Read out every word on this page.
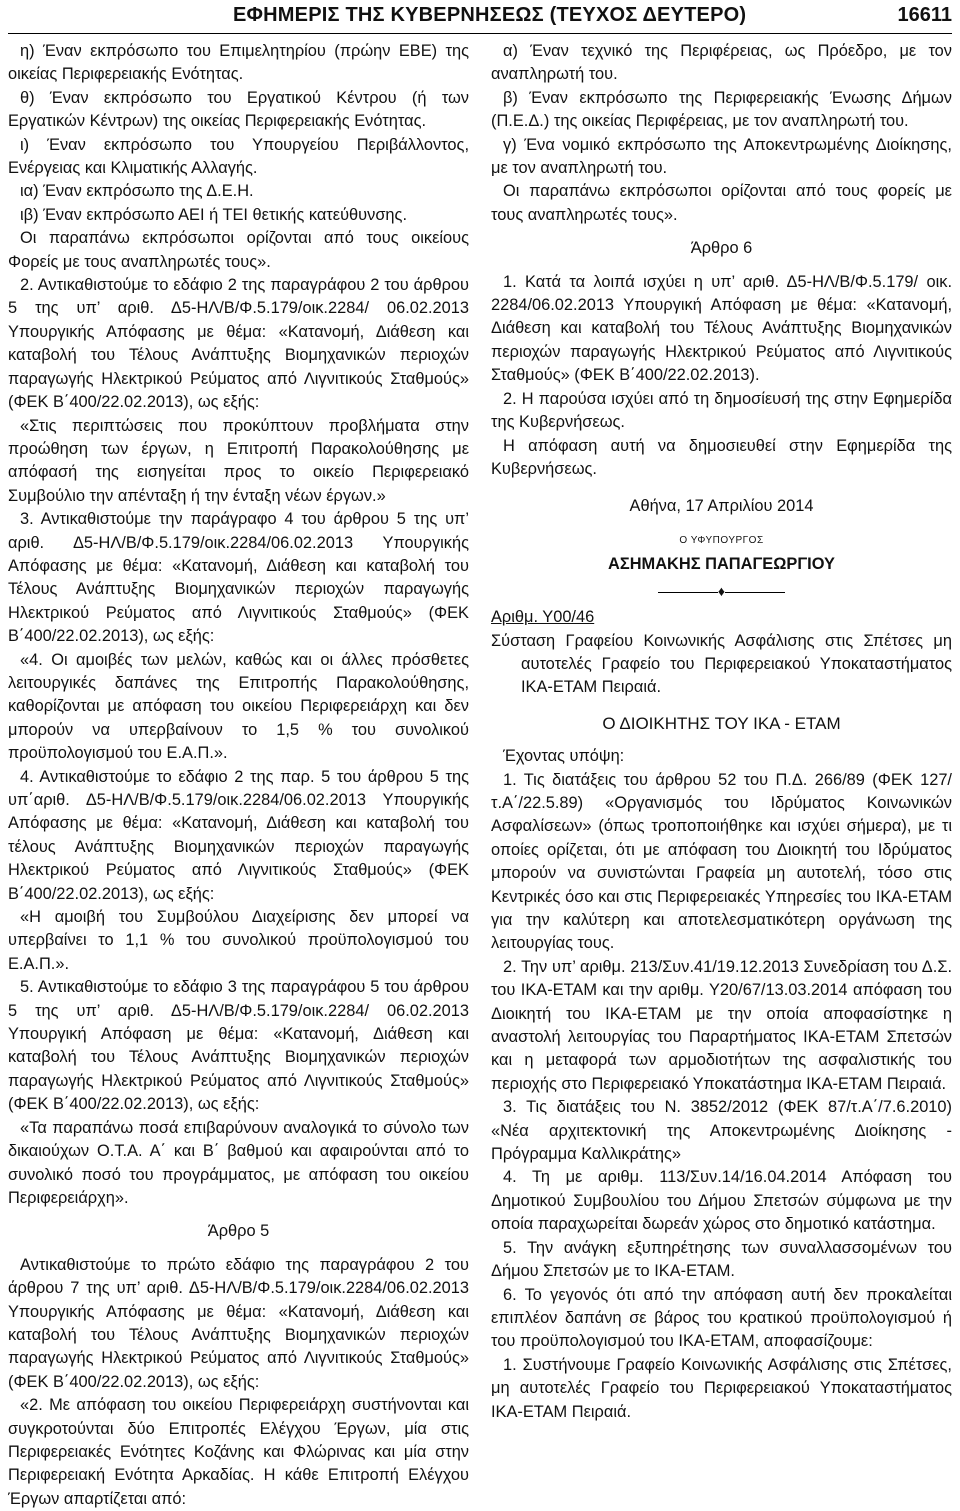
ΕΦΗΜΕΡΙΣ ΤΗΣ ΚΥΒΕΡΝΗΣΕΩΣ (ΤΕΥΧΟΣ ΔΕΥΤΕΡΟ)	16611

η) Έναν εκπρόσωπο του Επιμελητηρίου (πρώην ΕΒΕ) της οικείας Περιφερειακής Ενότητας.

θ) Έναν εκπρόσωπο του Εργατικού Κέντρου (ή των Εργατικών Κέντρων) της οικείας Περιφερειακής Ενότητας.

ι) Έναν εκπρόσωπο του Υπουργείου Περιβάλλοντος, Ενέργειας και Κλιματικής Αλλαγής.

ια) Έναν εκπρόσωπο της Δ.Ε.Η.

ιβ) Έναν εκπρόσωπο ΑΕΙ ή ΤΕΙ θετικής κατεύθυνσης.

Οι παραπάνω εκπρόσωποι ορίζονται από τους οικείους Φορείς με τους αναπληρωτές τους».

2. Αντικαθιστούμε το εδάφιο 2 της παραγράφου 2 του άρθρου 5 της υπ’ αριθ. Δ5-ΗΛ/Β/Φ.5.179/οικ.2284/ 06.02.2013 Υπουργικής Απόφασης με θέμα: «Κατανομή, Διάθεση και καταβολή του Τέλους Ανάπτυξης Βιομηχανικών περιοχών παραγωγής Ηλεκτρικού Ρεύματος από Λιγνιτικούς Σταθμούς» (ΦΕΚ Β΄400/22.02.2013), ως εξής:

«Στις περιπτώσεις που προκύπτουν προβλήματα στην προώθηση των έργων, η Επιτροπή Παρακολούθησης με απόφασή της εισηγείται προς το οικείο Περιφερειακό Συμβούλιο την απένταξη ή την ένταξη νέων έργων.»

3. Αντικαθιστούμε την παράγραφο 4 του άρθρου 5 της υπ’ αριθ. Δ5-ΗΛ/Β/Φ.5.179/οικ.2284/06.02.2013 Υπουργικής Απόφασης με θέμα: «Κατανομή, Διάθεση και καταβολή του Τέλους Ανάπτυξης Βιομηχανικών περιοχών παραγωγής Ηλεκτρικού Ρεύματος από Λιγνιτικούς Σταθμούς» (ΦΕΚ Β΄400/22.02.2013), ως εξής:

«4. Οι αμοιβές των μελών, καθώς και οι άλλες πρόσθετες λειτουργικές δαπάνες της Επιτροπής Παρακολούθησης, καθορίζονται με απόφαση του οικείου Περιφερειάρχη και δεν μπορούν να υπερβαίνουν το 1,5 % του συνολικού προϋπολογισμού του Ε.Α.Π.».

4. Αντικαθιστούμε το εδάφιο 2 της παρ. 5 του άρθρου 5 της υπ΄αριθ. Δ5-ΗΛ/Β/Φ.5.179/οικ.2284/06.02.2013 Υπουργικής Απόφασης με θέμα: «Κατανομή, Διάθεση και καταβολή του τέλους Ανάπτυξης Βιομηχανικών περιοχών παραγωγής Ηλεκτρικού Ρεύματος από Λιγνιτικούς Σταθμούς» (ΦΕΚ Β΄400/22.02.2013), ως εξής:

«Η αμοιβή του Συμβούλου Διαχείρισης δεν μπορεί να υπερβαίνει το 1,1 % του συνολικού προϋπολογισμού του Ε.Α.Π.».

5. Αντικαθιστούμε το εδάφιο 3 της παραγράφου 5 του άρθρου 5 της υπ’ αριθ. Δ5-ΗΛ/Β/Φ.5.179/οικ.2284/ 06.02.2013 Υπουργική Απόφαση με θέμα: «Κατανομή, Διάθεση και καταβολή του Τέλους Ανάπτυξης Βιομηχανικών περιοχών παραγωγής Ηλεκτρικού Ρεύματος από Λιγνιτικούς Σταθμούς» (ΦΕΚ Β΄400/22.02.2013), ως εξής:

«Τα παραπάνω ποσά επιβαρύνουν αναλογικά το σύνολο των δικαιούχων Ο.Τ.Α. Α΄ και Β΄ βαθμού και αφαιρούνται από το συνολικό ποσό του προγράμματος, με απόφαση του οικείου Περιφερειάρχη».

Άρθρο 5

Αντικαθιστούμε το πρώτο εδάφιο της παραγράφου 2 του άρθρου 7 της υπ’ αριθ. Δ5-ΗΛ/Β/Φ.5.179/οικ.2284/06.02.2013 Υπουργικής Απόφασης με θέμα: «Κατανομή, Διάθεση και καταβολή του Τέλους Ανάπτυξης Βιομηχανικών περιοχών παραγωγής Ηλεκτρικού Ρεύματος από Λιγνιτικούς Σταθμούς» (ΦΕΚ Β΄400/22.02.2013), ως εξής:

«2. Με απόφαση του οικείου Περιφερειάρχη συστήνονται και συγκροτούνται δύο Επιτροπές Ελέγχου Έργων, μία στις Περιφερειακές Ενότητες Κοζάνης και Φλώρινας και μία στην Περιφερειακή Ενότητα Αρκαδίας. Η κάθε Επιτροπή Ελέγχου Έργων απαρτίζεται από:

α) Έναν τεχνικό της Περιφέρειας, ως Πρόεδρο, με τον αναπληρωτή του.

β) Έναν εκπρόσωπο της Περιφερειακής Ένωσης Δήμων (Π.Ε.Δ.) της οικείας Περιφέρειας, με τον αναπληρωτή του.

γ) Ένα νομικό εκπρόσωπο της Αποκεντρωμένης Διοίκησης, με τον αναπληρωτή του.

Οι παραπάνω εκπρόσωποι ορίζονται από τους φορείς με τους αναπληρωτές τους».

Άρθρο 6

1. Κατά τα λοιπά ισχύει η υπ’ αριθ. Δ5-ΗΛ/Β/Φ.5.179/ οικ. 2284/06.02.2013 Υπουργική Απόφαση με θέμα: «Κατανομή, Διάθεση και καταβολή του Τέλους Ανάπτυξης Βιομηχανικών περιοχών παραγωγής Ηλεκτρικού Ρεύματος από Λιγνιτικούς Σταθμούς» (ΦΕΚ Β΄400/22.02.2013).

2. Η παρούσα ισχύει από τη δημοσίευσή της στην Εφημερίδα της Κυβερνήσεως.

Η απόφαση αυτή να δημοσιευθεί στην Εφημερίδα της Κυβερνήσεως.

Αθήνα, 17 Απριλίου 2014

Ο ΥΦΥΠΟΥΡΓΟΣ

ΑΣΗΜΑΚΗΣ ΠΑΠΑΓΕΩΡΓΙΟΥ

♦

Αριθμ. Υ00/46

Σύσταση Γραφείου Κοινωνικής Ασφάλισης στις Σπέτσες μη αυτοτελές Γραφείο του Περιφερειακού Υποκαταστήματος ΙΚΑ-ΕΤΑΜ Πειραιά.

Ο ΔΙΟΙΚΗΤΗΣ ΤΟΥ ΙΚΑ - ΕΤΑΜ

Έχοντας υπόψη:

1. Τις διατάξεις του άρθρου 52 του Π.Δ. 266/89 (ΦΕΚ 127/τ.Α΄/22.5.89) «Οργανισμός του Ιδρύματος Κοινωνικών Ασφαλίσεων» (όπως τροποποιήθηκε και ισχύει σήμερα), με τι οποίες ορίζεται, ότι με απόφαση του Διοικητή του Ιδρύματος μπορούν να συνιστώνται Γραφεία μη αυτοτελή, τόσο στις Κεντρικές όσο και στις Περιφερειακές Υπηρεσίες του ΙΚΑ-ΕΤΑΜ για την καλύτερη και αποτελεσματικότερη οργάνωση της λειτουργίας τους.

2. Την υπ’ αριθμ. 213/Συν.41/19.12.2013 Συνεδρίαση του Δ.Σ. του ΙΚΑ-ΕΤΑΜ και την αριθμ. Υ20/67/13.03.2014 απόφαση του Διοικητή του ΙΚΑ-ΕΤΑΜ με την οποία αποφασίστηκε η αναστολή λειτουργίας του Παραρτήματος ΙΚΑ-ΕΤΑΜ Σπετσών και η μεταφορά των αρμοδιοτήτων της ασφαλιστικής του περιοχής στο Περιφερειακό Υποκατάστημα ΙΚΑ-ΕΤΑΜ Πειραιά.

3. Τις διατάξεις του Ν. 3852/2012 (ΦΕΚ 87/τ.Α΄/7.6.2010) «Νέα αρχιτεκτονική της Αποκεντρωμένης Διοίκησης - Πρόγραμμα Καλλικράτης»

4. Τη με αριθμ. 113/Συν.14/16.04.2014 Απόφαση του Δημοτικού Συμβουλίου του Δήμου Σπετσών σύμφωνα με την οποία παραχωρείται δωρεάν χώρος στο δημοτικό κατάστημα.

5. Την ανάγκη εξυπηρέτησης των συναλλασσομένων του Δήμου Σπετσών με το ΙΚΑ-ΕΤΑΜ.

6. Το γεγονός ότι από την απόφαση αυτή δεν προκαλείται επιπλέον δαπάνη σε βάρος του κρατικού προϋπολογισμού ή του προϋπολογισμού του ΙΚΑ-ΕΤΑΜ, αποφασίζουμε:

1. Συστήνουμε Γραφείο Κοινωνικής Ασφάλισης στις Σπέτσες, μη αυτοτελές Γραφείο του Περιφερειακού Υποκαταστήματος ΙΚΑ-ΕΤΑΜ Πειραιά.
